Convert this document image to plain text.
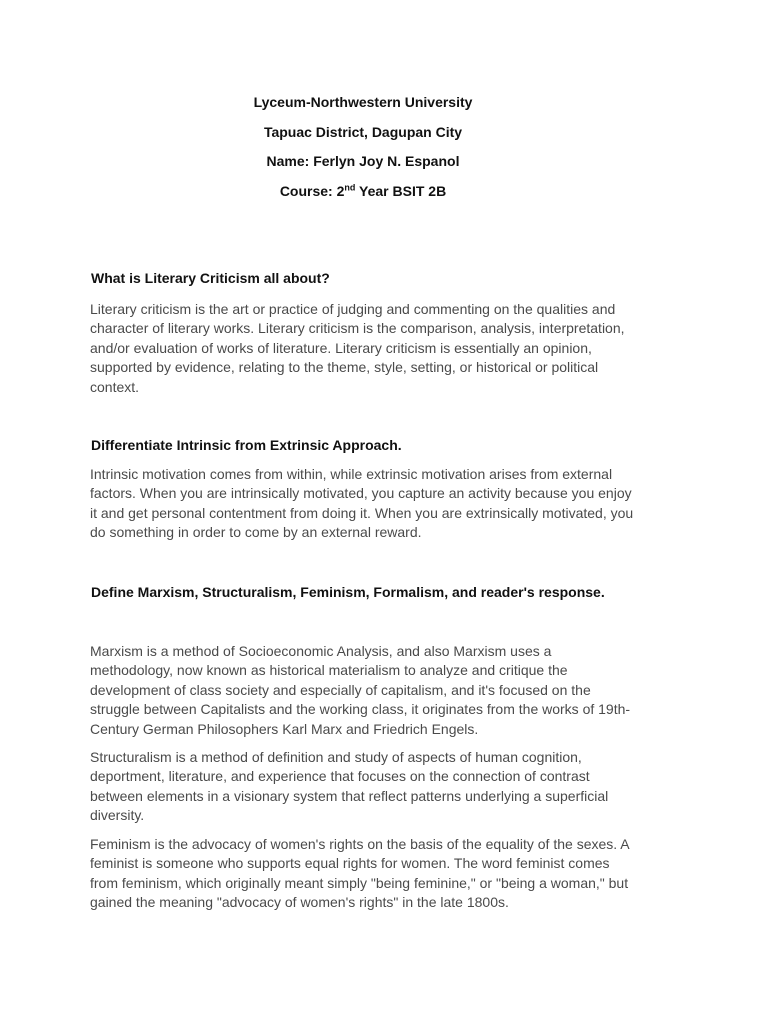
Lyceum-Northwestern University
Tapuac District, Dagupan City
Name: Ferlyn Joy N. Espanol
Course: 2nd Year BSIT 2B
What is Literary Criticism all about?
Literary criticism is the art or practice of judging and commenting on the qualities and
character of literary works. Literary criticism is the comparison, analysis, interpretation,
and/or evaluation of works of literature. Literary criticism is essentially an opinion,
supported by evidence, relating to the theme, style, setting, or historical or political
context.
Differentiate Intrinsic from Extrinsic Approach.
Intrinsic motivation comes from within, while extrinsic motivation arises from external
factors. When you are intrinsically motivated, you capture an activity because you enjoy
it and get personal contentment from doing it. When you are extrinsically motivated, you
do something in order to come by an external reward.
Define Marxism, Structuralism, Feminism, Formalism, and reader's response.
Marxism is a method of Socioeconomic Analysis, and also Marxism uses a
methodology, now known as historical materialism to analyze and critique the
development of class society and especially of capitalism, and it's focused on the
struggle between Capitalists and the working class, it originates from the works of 19th-
Century German Philosophers Karl Marx and Friedrich Engels.
Structuralism is a method of definition and study of aspects of human cognition,
deportment, literature, and experience that focuses on the connection of contrast
between elements in a visionary system that reflect patterns underlying a superficial
diversity.
Feminism is the advocacy of women's rights on the basis of the equality of the sexes. A
feminist is someone who supports equal rights for women. The word feminist comes
from feminism, which originally meant simply "being feminine," or "being a woman," but
gained the meaning "advocacy of women's rights" in the late 1800s.
